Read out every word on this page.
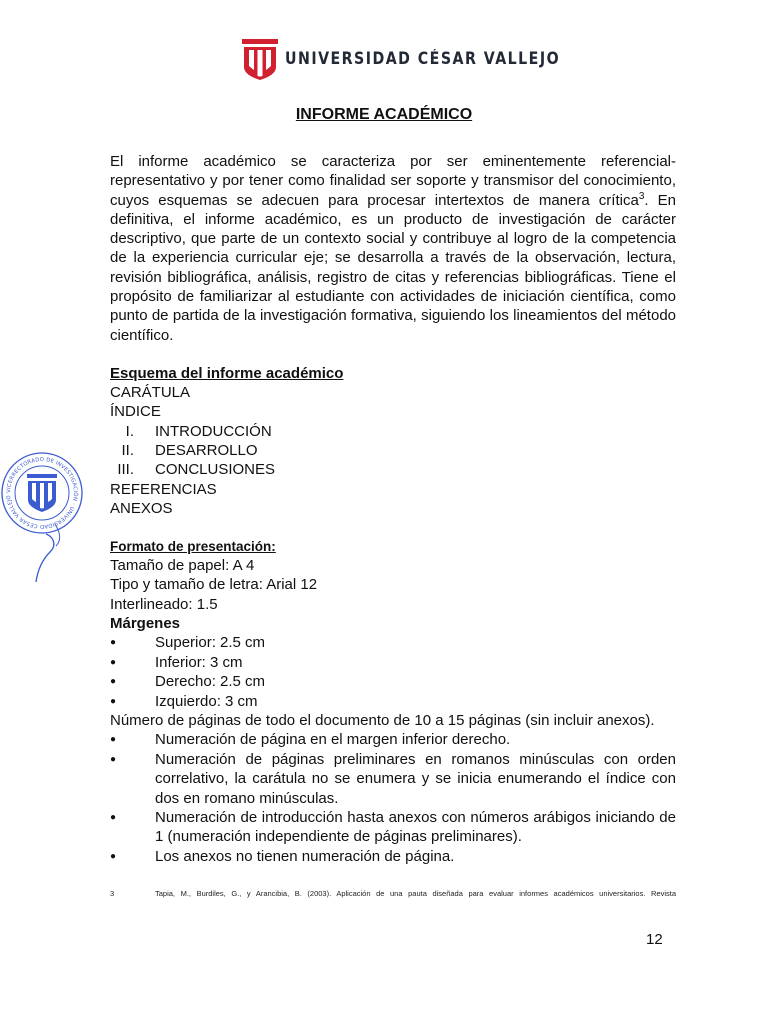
UNIVERSIDAD CÉSAR VALLEJO
INFORME ACADÉMICO

El informe académico se caracteriza por ser eminentemente referencial-representativo y por tener como finalidad ser soporte y transmisor del conocimiento, cuyos esquemas se adecuen para procesar intertextos de manera crítica$^3$. En definitiva, el informe académico, es un producto de investigación de carácter descriptivo, que parte de un contexto social y contribuye al logro de la competencia de la experiencia curricular eje; se desarrolla a través de la observación, lectura, revisión bibliográfica, análisis, registro de citas y referencias bibliográficas. Tiene el propósito de familiarizar al estudiante con actividades de iniciación científica, como punto de partida de la investigación formativa, siguiendo los lineamientos del método científico.

Esquema del informe académico
CARÁTULA
ÍNDICE
I. INTRODUCCIÓN
II. DESARROLLO
III. CONCLUSIONES
REFERENCIAS
ANEXOS
Formato de presentación:
Tamaño de papel: A 4
Tipo y tamaño de letra: Arial 12
Interlineado: 1.5
Márgenes
●	Superior: 2.5 cm
●	Inferior: 3 cm
●	Derecho: 2.5 cm
●	Izquierdo: 3 cm
Número de páginas de todo el documento de 10 a 15 páginas (sin incluir anexos).
●	Numeración de página en el margen inferior derecho.
●	Numeración de páginas preliminares en romanos minúsculas con orden correlativo, la carátula no se enumera y se inicia enumerando el índice con dos en romano minúsculas.
●	Numeración de introducción hasta anexos con números arábigos iniciando de 1 (numeración independiente de páginas preliminares).
●	Los anexos no tienen numeración de página.
3	Tapia, M., Burdiles, G., y Arancibia, B. (2003). Aplicación de una pauta diseñada para evaluar informes académicos universitarios. Revista
12
VICERRECTORADO DE INVESTIGACIÓN · UNIVERSIDAD CÉSAR VALLEJO
